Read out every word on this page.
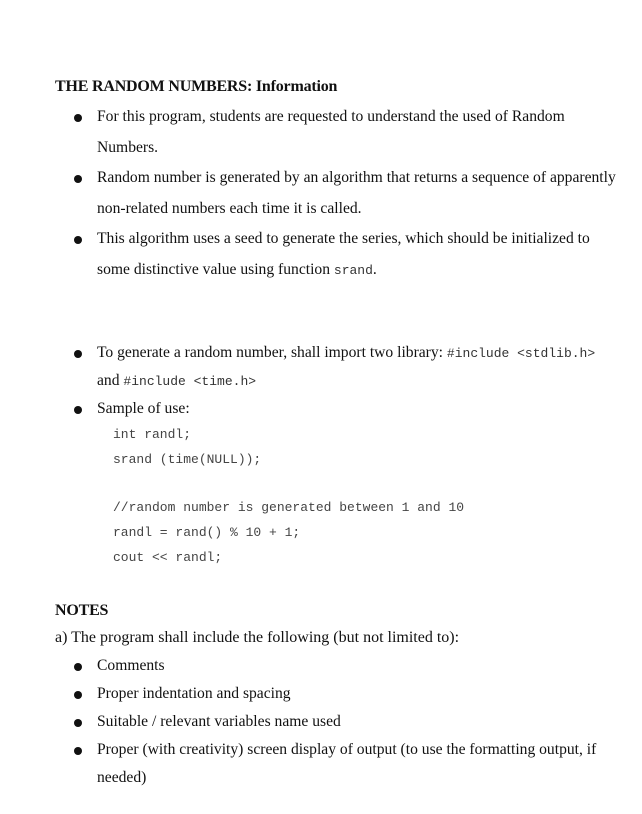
THE RANDOM NUMBERS: Information
For this program, students are requested to understand the used of Random
Numbers.
Random number is generated by an algorithm that returns a sequence of apparently
non-related numbers each time it is called.
This algorithm uses a seed to generate the series, which should be initialized to
some distinctive value using function srand.
To generate a random number, shall import two library: #include <stdlib.h>
and #include <time.h>
Sample of use:
int randl;
srand (time(NULL));
//random number is generated between 1 and 10
randl = rand() % 10 + 1;
cout << randl;
NOTES
a) The program shall include the following (but not limited to):
Comments
Proper indentation and spacing
Suitable / relevant variables name used
Proper (with creativity) screen display of output (to use the formatting output, if
needed)
